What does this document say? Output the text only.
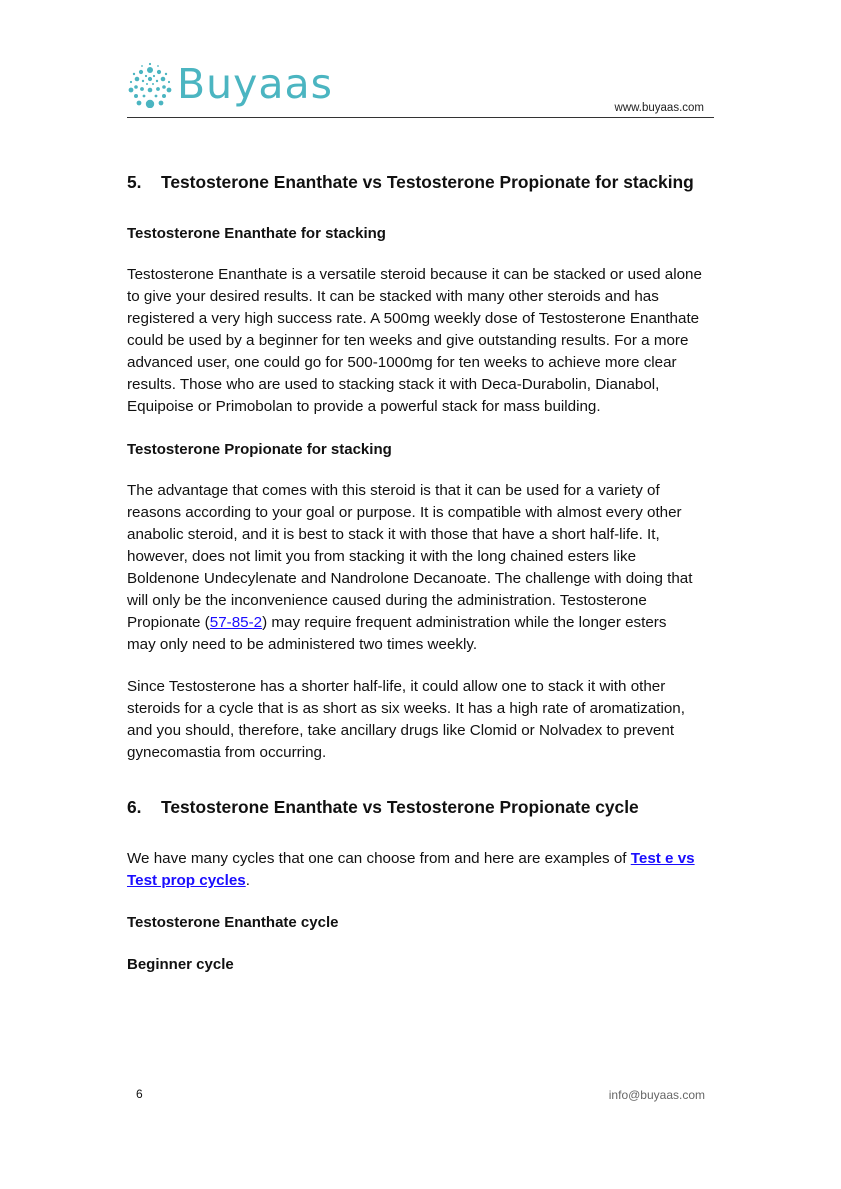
Buyaas	www.buyaas.com
5. Testosterone Enanthate vs Testosterone Propionate for stacking
Testosterone Enanthate for stacking
Testosterone Enanthate is a versatile steroid because it can be stacked or used alone
to give your desired results. It can be stacked with many other steroids and has
registered a very high success rate. A 500mg weekly dose of Testosterone Enanthate
could be used by a beginner for ten weeks and give outstanding results. For a more
advanced user, one could go for 500-1000mg for ten weeks to achieve more clear
results. Those who are used to stacking stack it with Deca-Durabolin, Dianabol,
Equipoise or Primobolan to provide a powerful stack for mass building.
Testosterone Propionate for stacking
The advantage that comes with this steroid is that it can be used for a variety of
reasons according to your goal or purpose. It is compatible with almost every other
anabolic steroid, and it is best to stack it with those that have a short half-life. It,
however, does not limit you from stacking it with the long chained esters like
Boldenone Undecylenate and Nandrolone Decanoate. The challenge with doing that
will only be the inconvenience caused during the administration. Testosterone
Propionate (57-85-2) may require frequent administration while the longer esters
may only need to be administered two times weekly.
Since Testosterone has a shorter half-life, it could allow one to stack it with other
steroids for a cycle that is as short as six weeks. It has a high rate of aromatization,
and you should, therefore, take ancillary drugs like Clomid or Nolvadex to prevent
gynecomastia from occurring.
6. Testosterone Enanthate vs Testosterone Propionate cycle
We have many cycles that one can choose from and here are examples of Test e vs
Test prop cycles.
Testosterone Enanthate cycle
Beginner cycle
6	info@buyaas.com
